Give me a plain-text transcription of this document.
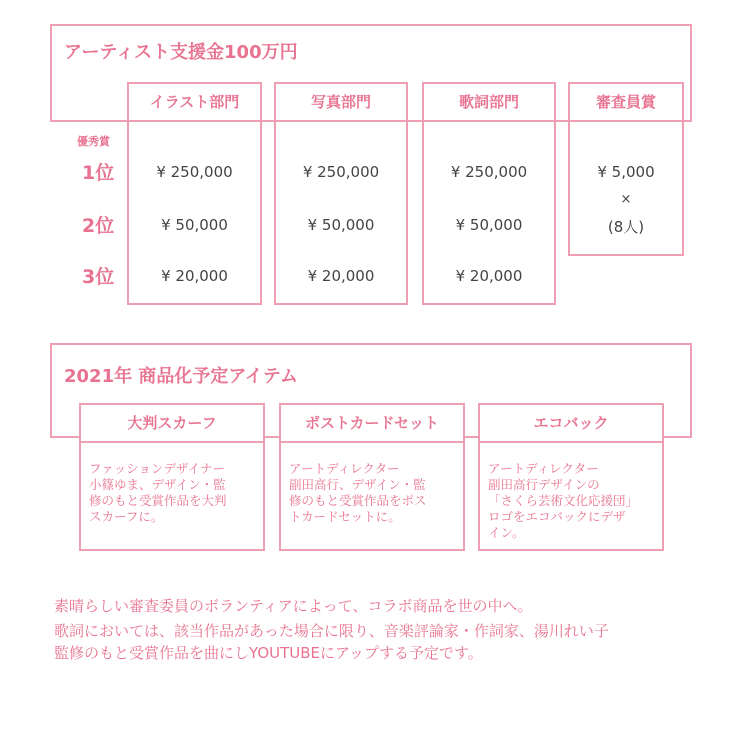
アーティスト支援金100万円
優秀賞
1位
2位
3位
イラスト部門
¥ 250,000
¥ 50,000
¥ 20,000
写真部門
¥ 250,000
¥ 50,000
¥ 20,000
歌詞部門
¥ 250,000
¥ 50,000
¥ 20,000
審査員賞
¥ 5,000
×
(8人)
2021年 商品化予定アイテム
大判スカーフ
ファッションデザイナー
小篠ゆま、デザイン・監
修のもと受賞作品を大判
スカーフに。
ポストカードセット
アートディレクター
副田高行、デザイン・監
修のもと受賞作品をポス
トカードセットに。
エコバック
アートディレクター
副田高行デザインの
「さくら芸術文化応援団」
ロゴをエコバックにデザ
イン。
素晴らしい審査委員のボランティアによって、コラボ商品を世の中へ。
歌詞においては、該当作品があった場合に限り、音楽評論家・作詞家、湯川れい子
監修のもと受賞作品を曲にしYOUTUBEにアップする予定です。
